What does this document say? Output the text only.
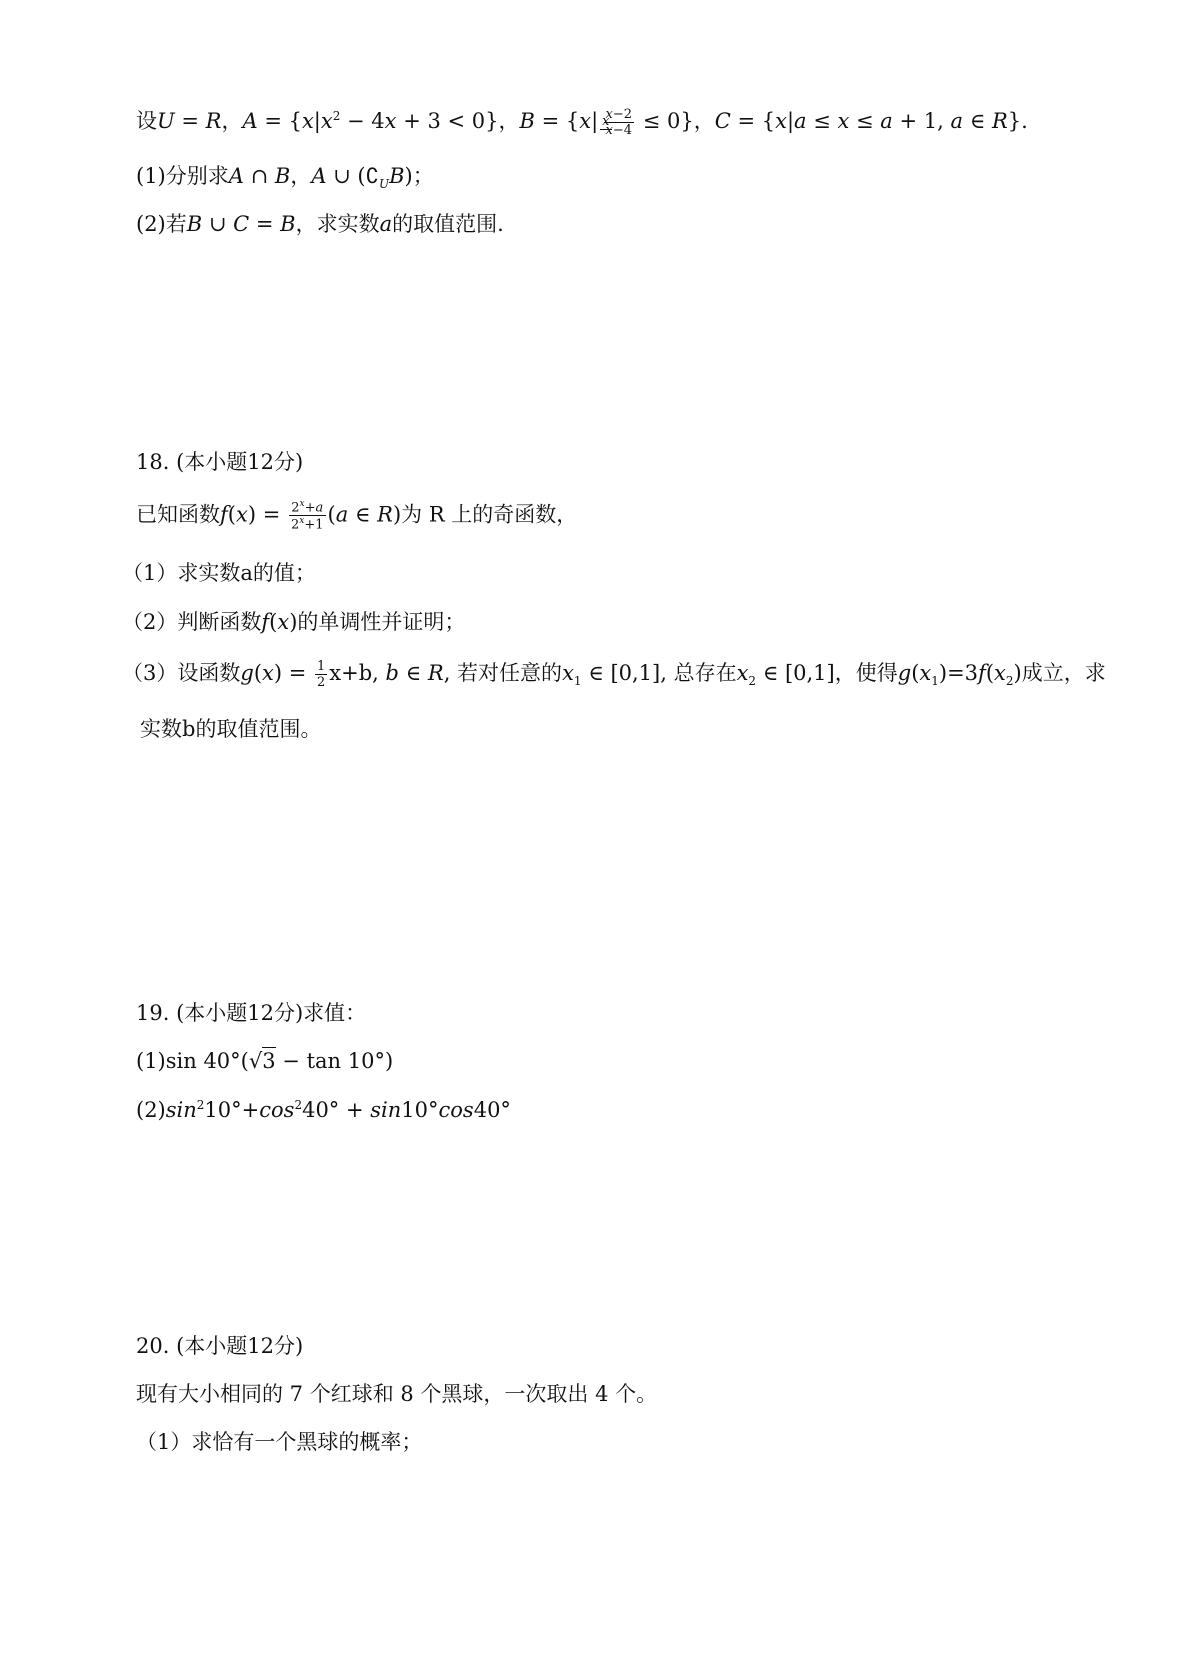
设U = R，$A = \{x|x^2 - 4x + 3 < 0\}$，B = {x| x
$\frac{x-2}{x-4} \le 0$}，C = {x|a ≤ x ≤ a + 1, a ∈ R}.
(1)分别求A ∩ B，A ∪ $(∁_UB)$；
(2)若B ∪ C = B，求实数a的取值范围.
18. (本小题12分)
已知函数$f(x) = \frac{2^x+a}{2^x+1} (a$ ∈ R)为 R 上的奇函数，
（1）求实数a的值；
（2）判断函数f(x)的单调性并证明；
（3）设函数$g(x) = \frac{1}{2} x+b$, b ∈ R, 若对任意的$x_1$ ∈ [0,1], 总存在$x_2$ ∈ [0,1]，使得$g(x_1)=3f(x_2)$成立，求
实数b的取值范围。
19. (本小题12分)求值：
(1)sin 40°(√3 − tan 10°)
$(2)\sin^210^\circ+\cos^240^\circ + \sin 10^\circ\cos 40^\circ$
20. (本小题12分)
现有大小相同的 7 个红球和 8 个黑球，一次取出 4 个。
（1）求恰有一个黑球的概率；
